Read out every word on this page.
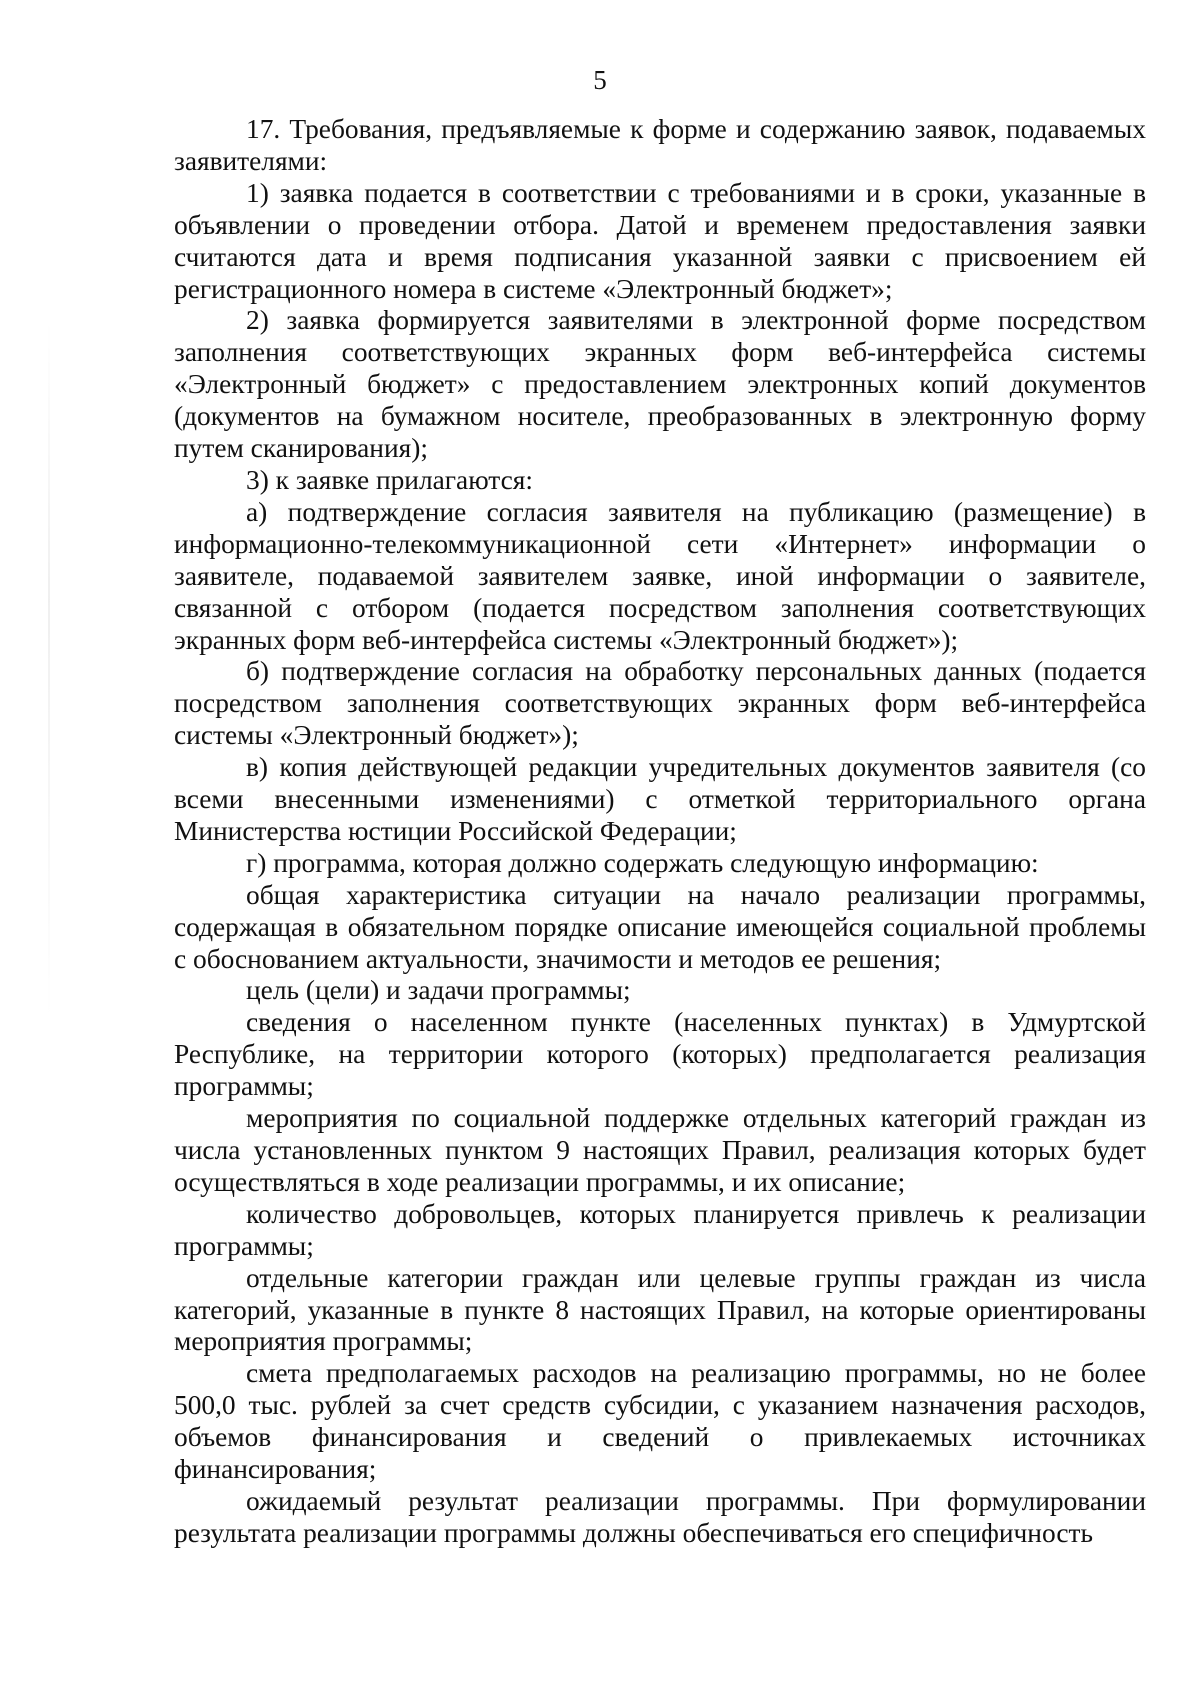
5

17. Требования, предъявляемые к форме и содержанию заявок, подаваемых заявителями:

1) заявка подается в соответствии с требованиями и в сроки, указанные в объявлении о проведении отбора. Датой и временем предоставления заявки считаются дата и время подписания указанной заявки с присвоением ей регистрационного номера в системе «Электронный бюджет»;

2) заявка формируется заявителями в электронной форме посредством заполнения соответствующих экранных форм веб-интерфейса системы «Электронный бюджет» с предоставлением электронных копий документов (документов на бумажном носителе, преобразованных в электронную форму путем сканирования);

3) к заявке прилагаются:

а) подтверждение согласия заявителя на публикацию (размещение) в информационно-телекоммуникационной сети «Интернет» информации о заявителе, подаваемой заявителем заявке, иной информации о заявителе, связанной с отбором (подается посредством заполнения соответствующих экранных форм веб-интерфейса системы «Электронный бюджет»);

б) подтверждение согласия на обработку персональных данных (подается посредством заполнения соответствующих экранных форм веб-интерфейса системы «Электронный бюджет»);

в) копия действующей редакции учредительных документов заявителя (со всеми внесенными изменениями) с отметкой территориального органа Министерства юстиции Российской Федерации;

г) программа, которая должно содержать следующую информацию:

общая характеристика ситуации на начало реализации программы, содержащая в обязательном порядке описание имеющейся социальной проблемы с обоснованием актуальности, значимости и методов ее решения;

цель (цели) и задачи программы;

сведения о населенном пункте (населенных пунктах) в Удмуртской Республике, на территории которого (которых) предполагается реализация программы;

мероприятия по социальной поддержке отдельных категорий граждан из числа установленных пунктом 9 настоящих Правил, реализация которых будет осуществляться в ходе реализации программы, и их описание;

количество добровольцев, которых планируется привлечь к реализации программы;

отдельные категории граждан или целевые группы граждан из числа категорий, указанные в пункте 8 настоящих Правил, на которые ориентированы мероприятия программы;

смета предполагаемых расходов на реализацию программы, но не более 500,0 тыс. рублей за счет средств субсидии, с указанием назначения расходов, объемов финансирования и сведений о привлекаемых источниках финансирования;

ожидаемый результат реализации программы. При формулировании результата реализации программы должны обеспечиваться его специфичность
